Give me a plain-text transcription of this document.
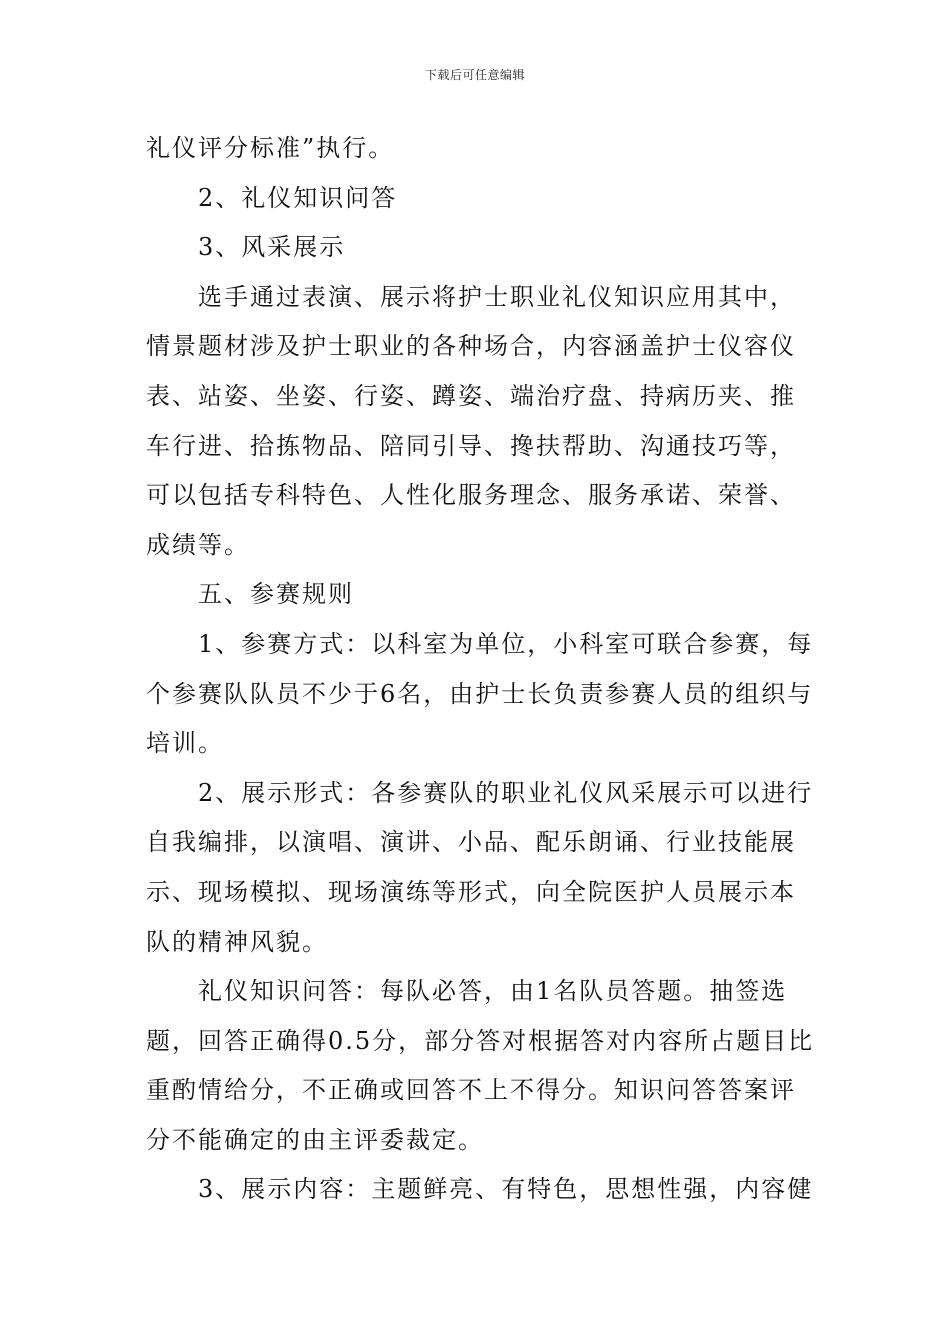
下载后可任意编辑

礼仪评分标准”执行。

2、礼仪知识问答

3、风采展示

选手通过表演、展示将护士职业礼仪知识应用其中，情景题材涉及护士职业的各种场合，内容涵盖护士仪容仪表、站姿、坐姿、行姿、蹲姿、端治疗盘、持病历夹、推车行进、拾拣物品、陪同引导、搀扶帮助、沟通技巧等，可以包括专科特色、人性化服务理念、服务承诺、荣誉、成绩等。

五、参赛规则

1、参赛方式：以科室为单位，小科室可联合参赛，每个参赛队队员不少于6名，由护士长负责参赛人员的组织与培训。

2、展示形式：各参赛队的职业礼仪风采展示可以进行自我编排，以演唱、演讲、小品、配乐朗诵、行业技能展示、现场模拟、现场演练等形式，向全院医护人员展示本队的精神风貌。

礼仪知识问答：每队必答，由1名队员答题。抽签选题，回答正确得0.5分，部分答对根据答对内容所占题目比重酌情给分，不正确或回答不上不得分。知识问答答案评分不能确定的由主评委裁定。

3、展示内容：主题鲜亮、有特色，思想性强，内容健
